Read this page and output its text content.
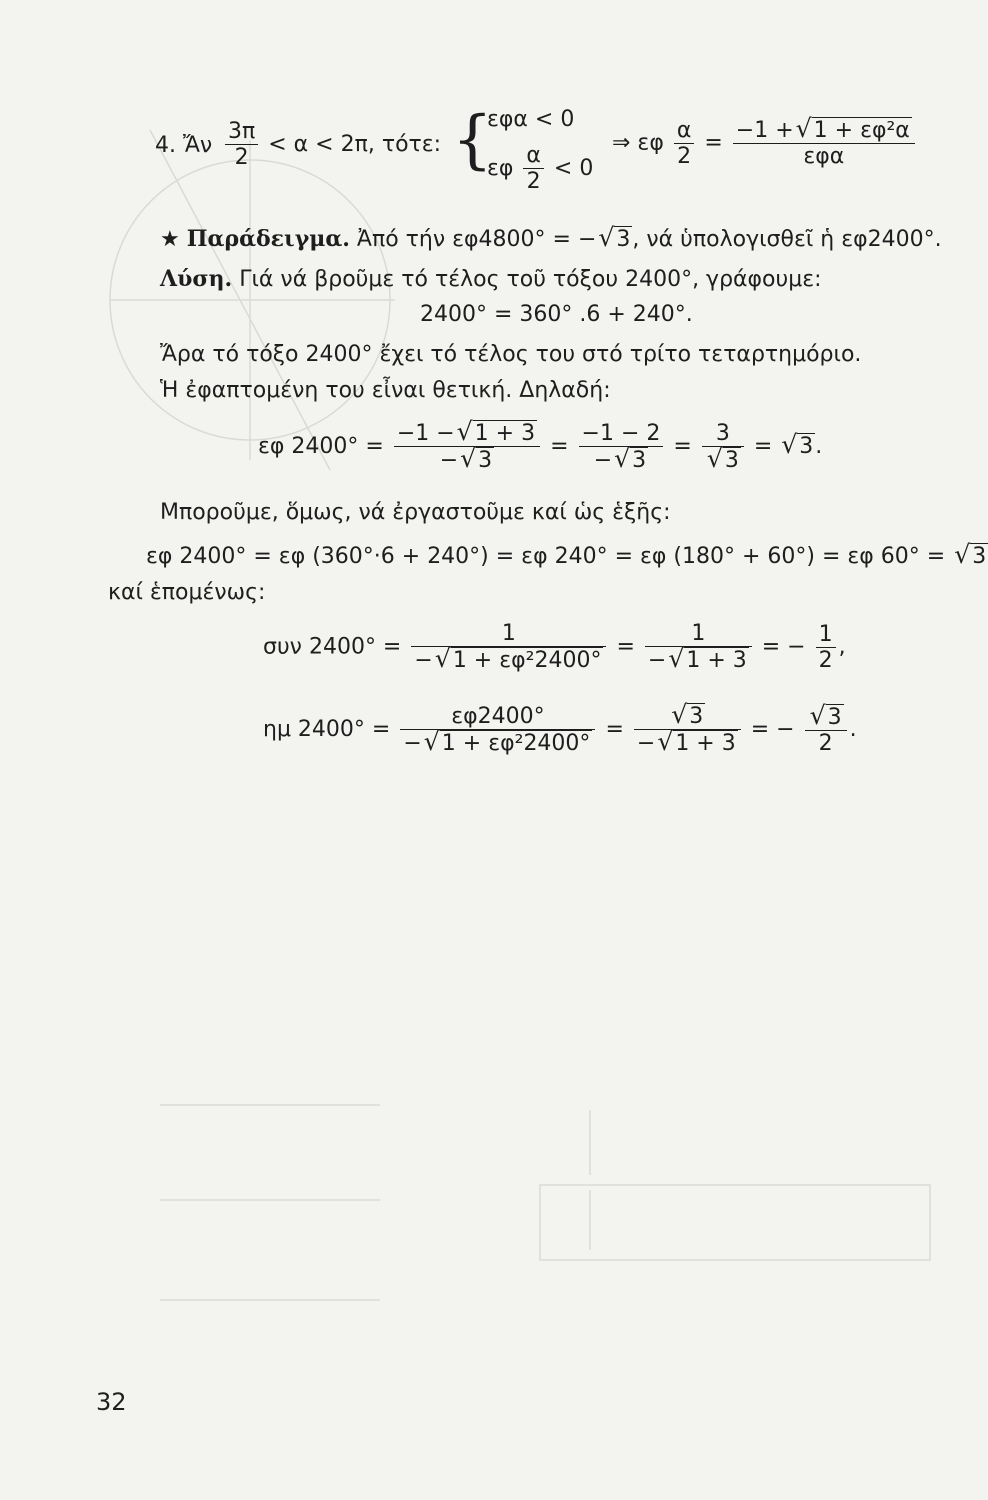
4. Ἄν $\frac{3\pi}{2} < \alpha < 2\pi$, τότε: {
εφα < 0
εφ $\frac{\alpha}{2} < 0$
⇒ εφ $\frac{\alpha}{2} = \frac{\text{−1 + √ 1 + εφ²α}}{\text{εφα}}$
★ Παράδειγμα. Ἀπό τήν εφ4800° = − √ 3, νά ὑπολογισθεῖ ἡ εφ2400°.
Λύση. Γιά νά βροῦμε τό τέλος τοῦ τόξου 2400°, γράφουμε:
2400° = 360° .6 + 240°.
Ἄρα τό τόξο 2400° ἔχει τό τέλος του στό τρίτο τεταρτημόριο.
Ἡ ἐφαπτομένη του εἶναι θετική. Δηλαδή:
εφ $2400^\circ = \frac{-1 - √ 1 + 3}{- √ 3} = \frac{-1 - 2}{- √ 3} = 3$
√ 3 = √ 3.
Μποροῦμε, ὅμως, νά ἐργαστοῦμε καί ὡς ἑξῆς:
εφ 2400° = εφ (360°·6 + 240°) = εφ 240° = εφ (180° + 60°) = εφ 60° = √ 3
καί ἑπομένως:
συν $2400^\circ = \frac{1}{\text{− √ 1 + εφ²2400°}} = \frac{1}{- √ 1 + 3}$ = − $\frac{1}{2}$ ,
ημ $2400^\circ = \frac{\varepsilon\varphi 2400^\circ}{\text{− √ 1 + εφ²2400°}}$ = √ $\frac{3}{- √ 1 + 3}$ = − √ $\frac{3}{2}$ .
32
